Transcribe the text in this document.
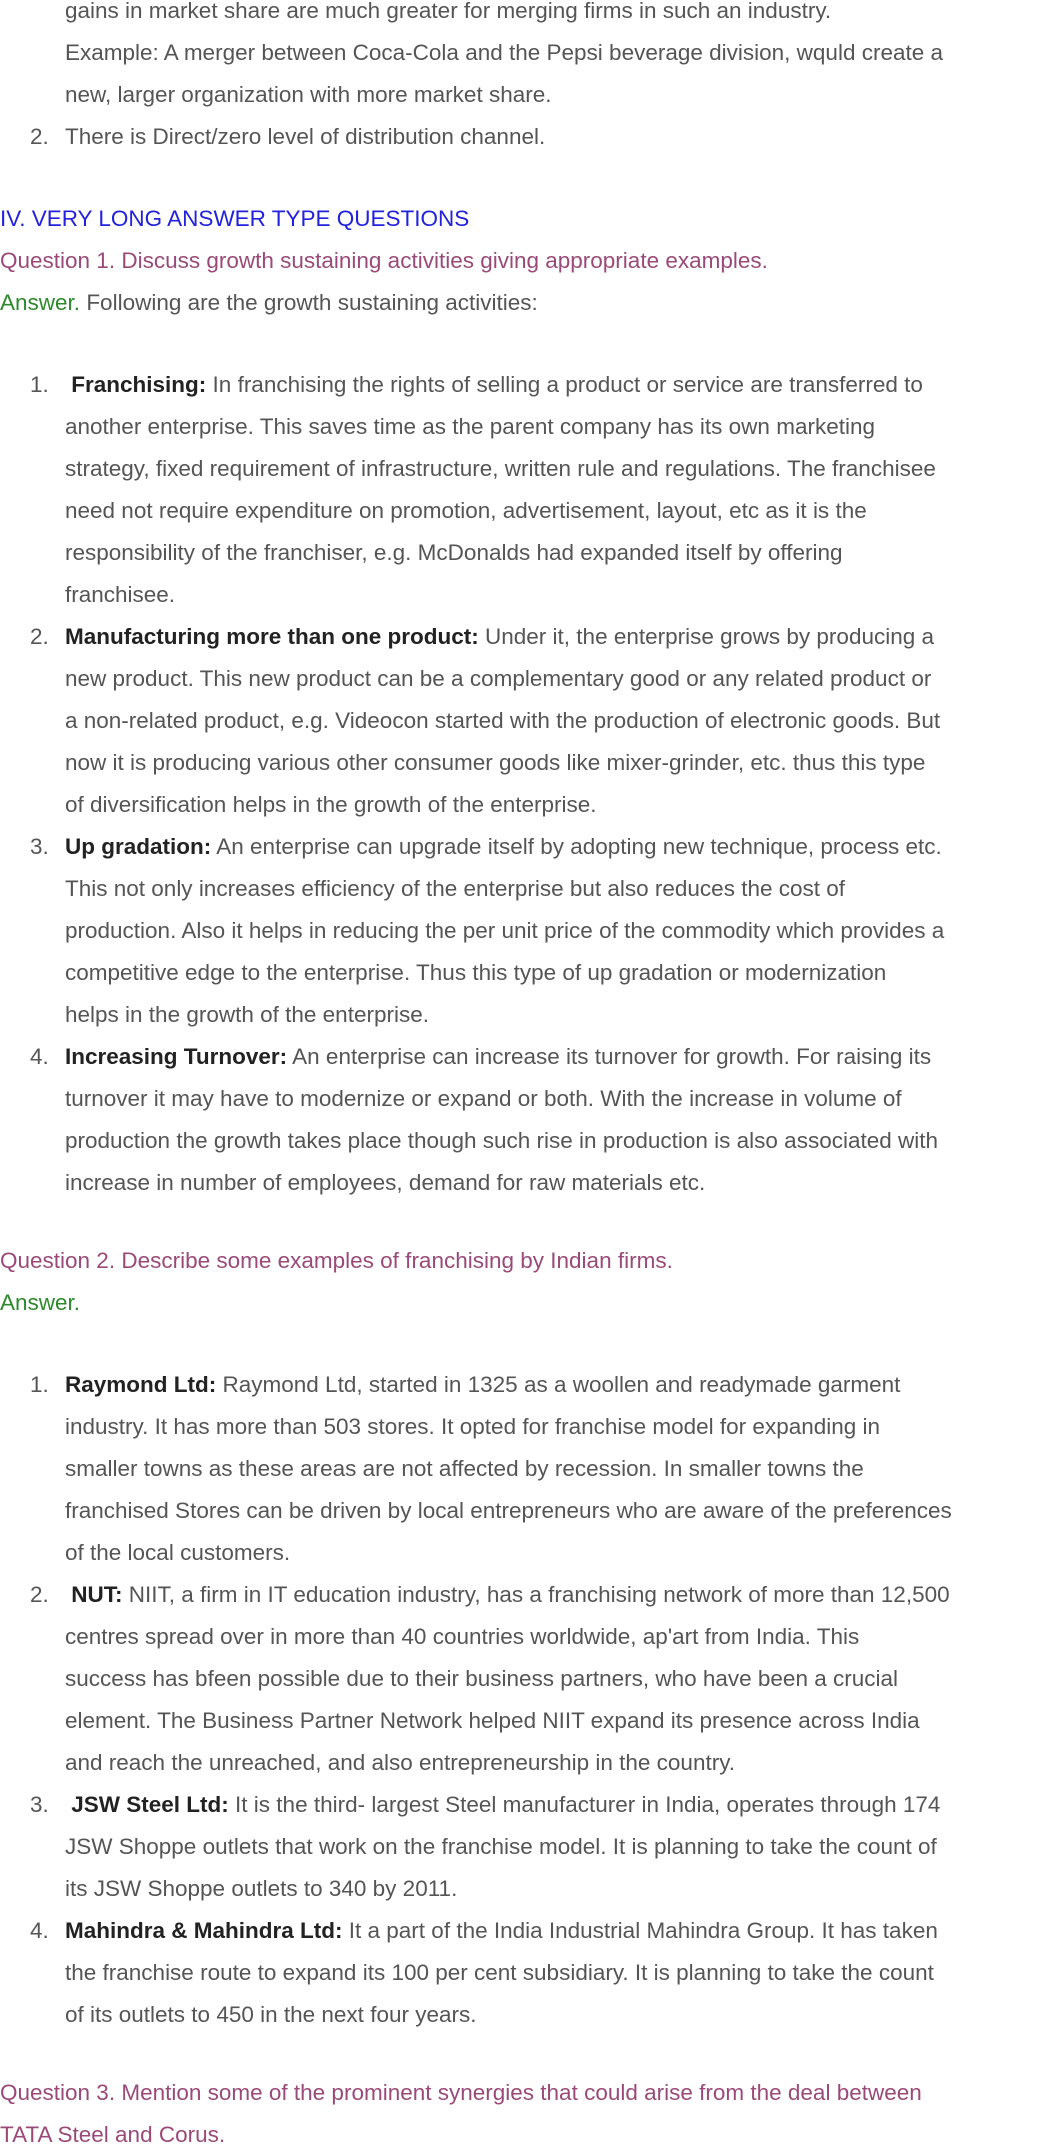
gains in market share are much greater for merging firms in such an industry.
Example: A merger between Coca-Cola and the Pepsi beverage division, wquld create a
new, larger organization with more market share.
2. There is Direct/zero level of distribution channel.
IV. VERY LONG ANSWER TYPE QUESTIONS
Question 1. Discuss growth sustaining activities giving appropriate examples.
Answer. Following are the growth sustaining activities:
1.	Franchising: In franchising the rights of selling a product or service are transferred to
another enterprise. This saves time as the parent company has its own marketing
strategy, fixed requirement of infrastructure, written rule and regulations. The franchisee
need not require expenditure on promotion, advertisement, layout, etc as it is the
responsibility of the franchiser, e.g. McDonalds had expanded itself by offering
franchisee.
2. Manufacturing more than one product: Under it, the enterprise grows by producing a
new product. This new product can be a complementary good or any related product or
a non-related product, e.g. Videocon started with the production of electronic goods. But
now it is producing various other consumer goods like mixer-grinder, etc. thus this type
of diversification helps in the growth of the enterprise.
3. Up gradation: An enterprise can upgrade itself by adopting new technique, process etc.
This not only increases efficiency of the enterprise but also reduces the cost of
production. Also it helps in reducing the per unit price of the commodity which provides a
competitive edge to the enterprise. Thus this type of up gradation or modernization
helps in the growth of the enterprise.
4. Increasing Turnover: An enterprise can increase its turnover for growth. For raising its
turnover it may have to modernize or expand or both. With the increase in volume of
production the growth takes place though such rise in production is also associated with
increase in number of employees, demand for raw materials etc.
Question 2. Describe some examples of franchising by Indian firms.
Answer.
1. Raymond Ltd: Raymond Ltd, started in 1325 as a woollen and readymade garment
industry. It has more than 503 stores. It opted for franchise model for expanding in
smaller towns as these areas are not affected by recession. In smaller towns the
franchised Stores can be driven by local entrepreneurs who are aware of the preferences
of the local customers.
2.	NUT: NIIT, a firm in IT education industry, has a franchising network of more than 12,500
centres spread over in more than 40 countries worldwide, ap'art from India. This
success has bfeen possible due to their business partners, who have been a crucial
element. The Business Partner Network helped NIIT expand its presence across India
and reach the unreached, and also entrepreneurship in the country.
3.	JSW Steel Ltd: It is the third- largest Steel manufacturer in India, operates through 174
JSW Shoppe outlets that work on the franchise model. It is planning to take the count of
its JSW Shoppe outlets to 340 by 2011.
4. Mahindra & Mahindra Ltd: It a part of the India Industrial Mahindra Group. It has taken
the franchise route to expand its 100 per cent subsidiary. It is planning to take the count
of its outlets to 450 in the next four years.
Question 3. Mention some of the prominent synergies that could arise from the deal between
TATA Steel and Corus.
